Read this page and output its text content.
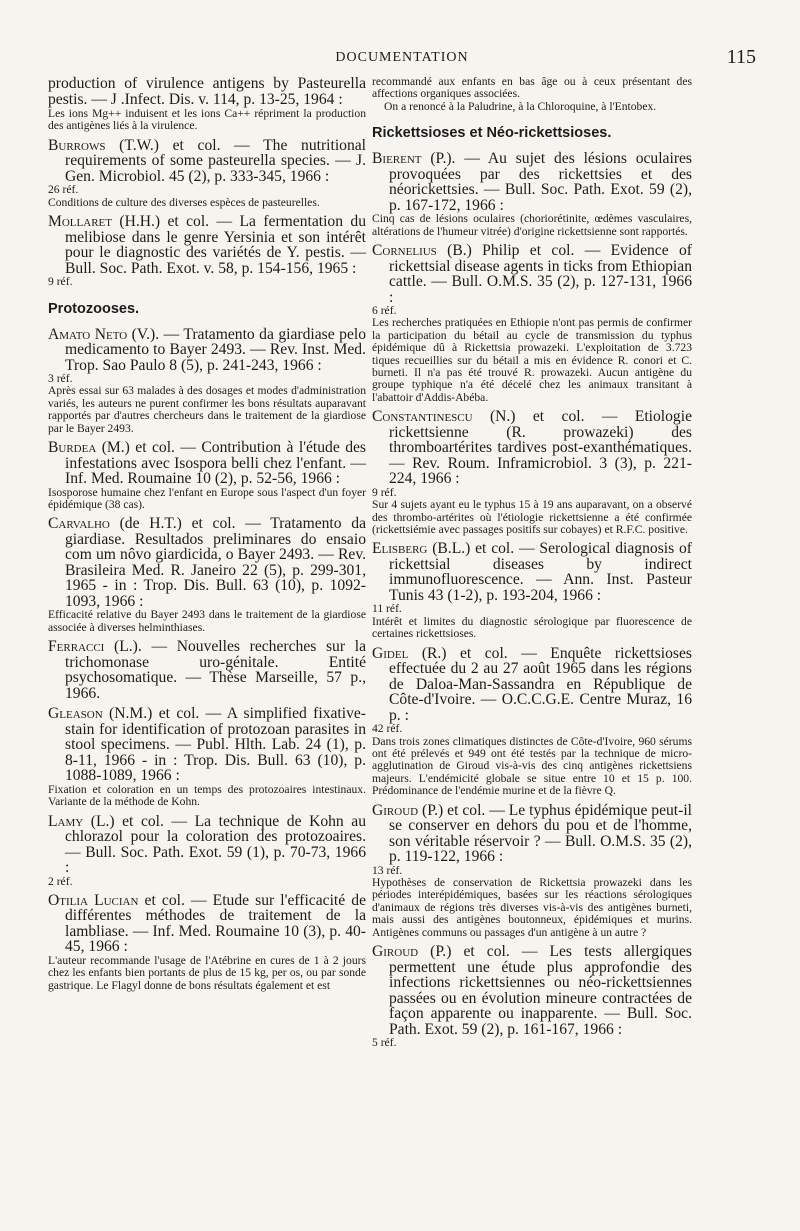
DOCUMENTATION	115

production of virulence antigens by Pasteurella pestis. — J .Infect. Dis. v. 114, p. 13-25, 1964 :

Les ions Mg++ induisent et les ions Ca++ répriment la production des antigènes liés à la virulence.

Burrows (T.W.) et col. — The nutritional requirements of some pasteurella species. — J. Gen. Microbiol. 45 (2), p. 333-345, 1966 :

26 réf.

Conditions de culture des diverses espèces de pasteurelles.

Mollaret (H.H.) et col. — La fermentation du melibiose dans le genre Yersinia et son intérêt pour le diagnostic des variétés de Y. pestis. — Bull. Soc. Path. Exot. v. 58, p. 154-156, 1965 :

9 réf.

Protozooses.

Amato Neto (V.). — Tratamento da giardiase pelo medicamento to Bayer 2493. — Rev. Inst. Med. Trop. Sao Paulo 8 (5), p. 241-243, 1966 :

3 réf.

Après essai sur 63 malades à des dosages et modes d'administration variés, les auteurs ne purent confirmer les bons résultats auparavant rapportés par d'autres chercheurs dans le traitement de la giardiose par le Bayer 2493.

Burdea (M.) et col. — Contribution à l'étude des infestations avec Isospora belli chez l'enfant. — Inf. Med. Roumaine 10 (2), p. 52-56, 1966 :

Isosporose humaine chez l'enfant en Europe sous l'aspect d'un foyer épidémique (38 cas).

Carvalho (de H.T.) et col. — Tratamento da giardiase. Resultados preliminares do ensaio com um nôvo giardicida, o Bayer 2493. — Rev. Brasileira Med. R. Janeiro 22 (5), p. 299-301, 1965 - in : Trop. Dis. Bull. 63 (10), p. 1092-1093, 1966 :

Efficacité relative du Bayer 2493 dans le traitement de la giardiose associée à diverses helminthiases.

Ferracci (L.). — Nouvelles recherches sur la trichomonase uro-génitale. Entité psychosomatique. — Thèse Marseille, 57 p., 1966.

Gleason (N.M.) et col. — A simplified fixative-stain for identification of protozoan parasites in stool specimens. — Publ. Hlth. Lab. 24 (1), p. 8-11, 1966 - in : Trop. Dis. Bull. 63 (10), p. 1088-1089, 1966 :

Fixation et coloration en un temps des protozoaires intestinaux. Variante de la méthode de Kohn.

Lamy (L.) et col. — La technique de Kohn au chlorazol pour la coloration des protozoaires. — Bull. Soc. Path. Exot. 59 (1), p. 70-73, 1966 :

2 réf.

Otilia Lucian et col. — Etude sur l'efficacité de différentes méthodes de traitement de la lambliase. — Inf. Med. Roumaine 10 (3), p. 40-45, 1966 :

L'auteur recommande l'usage de l'Atébrine en cures de 1 à 2 jours chez les enfants bien portants de plus de 15 kg, per os, ou par sonde gastrique. Le Flagyl donne de bons résultats également et est

recommandé aux enfants en bas âge ou à ceux présentant des affections organiques associées.

On a renoncé à la Paludrine, à la Chloroquine, à l'Entobex.

Rickettsioses et Néo-rickettsioses.

Bierent (P.). — Au sujet des lésions oculaires provoquées par des rickettsies et des néorickettsies. — Bull. Soc. Path. Exot. 59 (2), p. 167-172, 1966 :

Cinq cas de lésions oculaires (choriorétinite, œdèmes vasculaires, altérations de l'humeur vitrée) d'origine rickettsienne sont rapportés.

Cornelius (B.) Philip et col. — Evidence of rickettsial disease agents in ticks from Ethiopian cattle. — Bull. O.M.S. 35 (2), p. 127-131, 1966 :

6 réf.

Les recherches pratiquées en Ethiopie n'ont pas permis de confirmer la participation du bétail au cycle de transmission du typhus épidémique dû à Rickettsia prowazeki. L'exploitation de 3.723 tiques recueillies sur du bétail a mis en évidence R. conori et C. burneti. Il n'a pas été trouvé R. prowazeki. Aucun antigène du groupe typhique n'a été décelé chez les animaux transitant à l'abattoir d'Addis-Abéba.

Constantinescu (N.) et col. — Etiologie rickettsienne (R. prowazeki) des thromboartérites tardives post-exanthématiques. — Rev. Roum. Inframicrobiol. 3 (3), p. 221-224, 1966 :

9 réf.

Sur 4 sujets ayant eu le typhus 15 à 19 ans auparavant, on a observé des thrombo-artérites où l'étiologie rickettsienne a été confirmée (rickettsiémie avec passages positifs sur cobayes) et R.F.C. positive.

Elisberg (B.L.) et col. — Serological diagnosis of rickettsial diseases by indirect immunofluorescence. — Ann. Inst. Pasteur Tunis 43 (1-2), p. 193-204, 1966 :

11 réf.

Intérêt et limites du diagnostic sérologique par fluorescence de certaines rickettsioses.

Gidel (R.) et col. — Enquête rickettsioses effectuée du 2 au 27 août 1965 dans les régions de Daloa-Man-Sassandra en République de Côte-d'Ivoire. — O.C.C.G.E. Centre Muraz, 16 p. :

42 réf.

Dans trois zones climatiques distinctes de Côte-d'Ivoire, 960 sérums ont été prélevés et 949 ont été testés par la technique de micro-agglutination de Giroud vis-à-vis des cinq antigènes rickettsiens majeurs. L'endémicité globale se situe entre 10 et 15 p. 100. Prédominance de l'endémie murine et de la fièvre Q.

Giroud (P.) et col. — Le typhus épidémique peut-il se conserver en dehors du pou et de l'homme, son véritable réservoir ? — Bull. O.M.S. 35 (2), p. 119-122, 1966 :

13 réf.

Hypothèses de conservation de Rickettsia prowazeki dans les périodes interépidémiques, basées sur les réactions sérologiques d'animaux de régions très diverses vis-à-vis des antigènes burneti, mais aussi des antigènes boutonneux, épidémiques et murins. Antigènes communs ou passages d'un antigène à un autre ?

Giroud (P.) et col. — Les tests allergiques permettent une étude plus approfondie des infections rickettsiennes ou néo-rickettsiennes passées ou en évolution mineure contractées de façon apparente ou inapparente. — Bull. Soc. Path. Exot. 59 (2), p. 161-167, 1966 :

5 réf.
